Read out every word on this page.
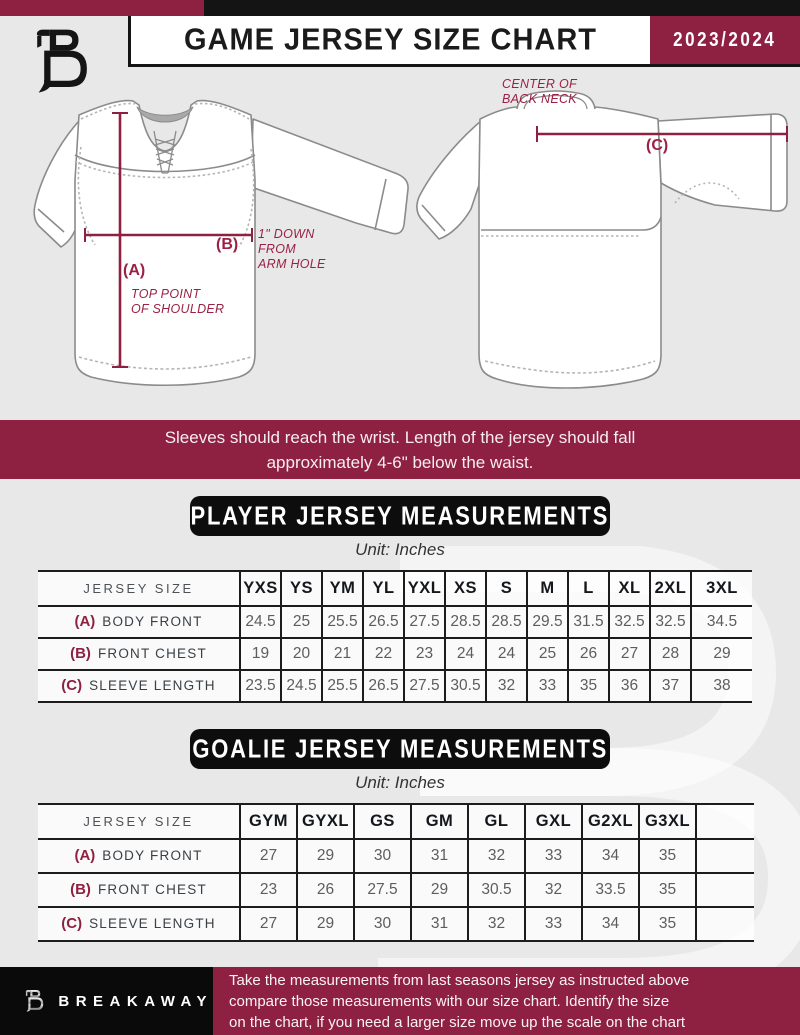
GAME JERSEY SIZE CHART	2023/2024
(A)
TOP POINT
OF SHOULDER
(B)
1" DOWN
FROM
ARM HOLE
CENTER OF
BACK NECK
(C)
Sleeves should reach the wrist. Length of the jersey should fall
approximately 4-6" below the waist.
PLAYER JERSEY MEASUREMENTS
Unit: Inches
JERSEY SIZE	YXS	YS	YM	YL	YXL	XS	S	M	L	XL	2XL	3XL
(A) BODY FRONT	24.5	25	25.5	26.5	27.5	28.5	28.5	29.5	31.5	32.5	32.5	34.5
(B) FRONT CHEST	19	20	21	22	23	24	24	25	26	27	28	29
(C) SLEEVE LENGTH	23.5	24.5	25.5	26.5	27.5	30.5	32	33	35	36	37	38
GOALIE JERSEY MEASUREMENTS
Unit: Inches
JERSEY SIZE	GYM	GYXL	GS	GM	GL	GXL	G2XL	G3XL	
(A) BODY FRONT	27	29	30	31	32	33	34	35	
(B) FRONT CHEST	23	26	27.5	29	30.5	32	33.5	35	
(C) SLEEVE LENGTH	27	29	30	31	32	33	34	35	
BREAKAWAY
Take the measurements from last seasons jersey as instructed above
compare those measurements with our size chart. Identify the size
on the chart, if you need a larger size move up the scale on the chart
